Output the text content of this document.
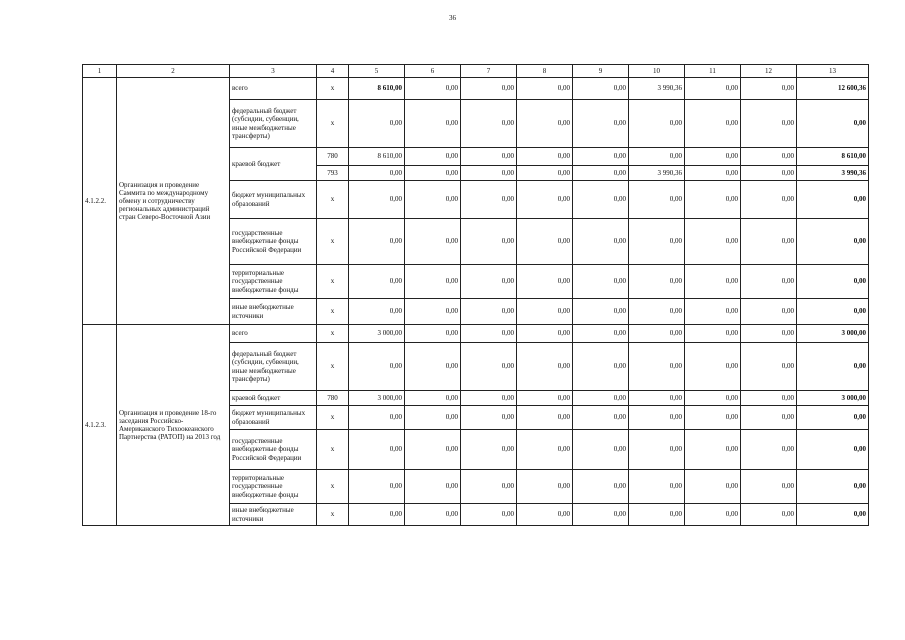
36
1	2	3	4	5	6	7	8	9	10	11	12	13
4.1.2.2.	Организация и проведение Саммита по международному обмену и сотрудничеству региональных администраций стран Северо-Восточной Азии	всего	х	8 610,00	0,00	0,00	0,00	0,00	3 990,36	0,00	0,00	12 600,36
		федеральный бюджет (субсидии, субвенции, иные межбюджетные трансферты)	х	0,00	0,00	0,00	0,00	0,00	0,00	0,00	0,00	0,00
		краевой бюджет	780	8 610,00	0,00	0,00	0,00	0,00	0,00	0,00	0,00	8 610,00
			793	0,00	0,00	0,00	0,00	0,00	3 990,36	0,00	0,00	3 990,36
		бюджет муниципальных образований	х	0,00	0,00	0,00	0,00	0,00	0,00	0,00	0,00	0,00
		государственные внебюджетные фонды Российской Федерации	х	0,00	0,00	0,00	0,00	0,00	0,00	0,00	0,00	0,00
		территориальные государственные внебюджетные фонды	х	0,00	0,00	0,00	0,00	0,00	0,00	0,00	0,00	0,00
		иные внебюджетные источники	х	0,00	0,00	0,00	0,00	0,00	0,00	0,00	0,00	0,00
4.1.2.3.	Организация и проведение 18-го заседания Российско-Американского Тихоокеанского Партнерства (РАТОП) на 2013 год	всего	х	3 000,00	0,00	0,00	0,00	0,00	0,00	0,00	0,00	3 000,00
		федеральный бюджет (субсидии, субвенции, иные межбюджетные трансферты)	х	0,00	0,00	0,00	0,00	0,00	0,00	0,00	0,00	0,00
		краевой бюджет	780	3 000,00	0,00	0,00	0,00	0,00	0,00	0,00	0,00	3 000,00
		бюджет муниципальных образований	х	0,00	0,00	0,00	0,00	0,00	0,00	0,00	0,00	0,00
		государственные внебюджетные фонды Российской Федерации	х	0,00	0,00	0,00	0,00	0,00	0,00	0,00	0,00	0,00
		территориальные государственные внебюджетные фонды	х	0,00	0,00	0,00	0,00	0,00	0,00	0,00	0,00	0,00
		иные внебюджетные источники	х	0,00	0,00	0,00	0,00	0,00	0,00	0,00	0,00	0,00
